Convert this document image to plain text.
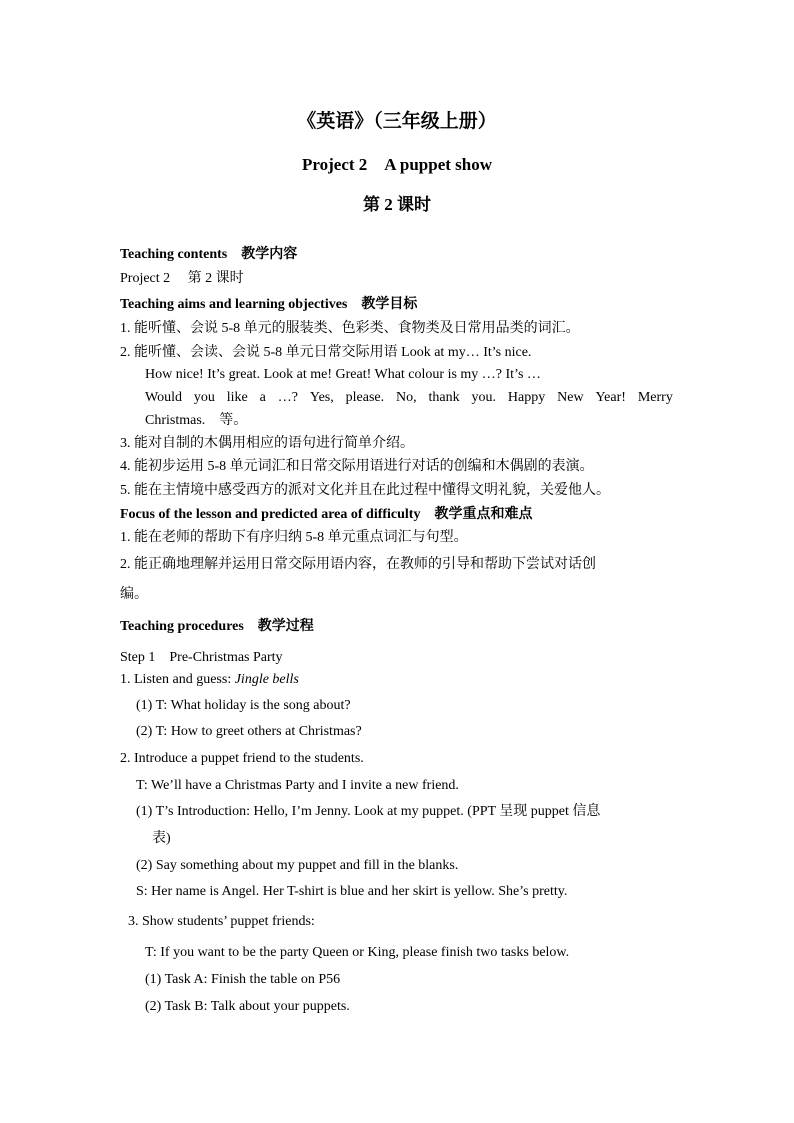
《英语》（三年级上册）
Project 2　A puppet show
第 2 课时
Teaching contents　教学内容
Project 2　 第 2 课时
Teaching aims and learning objectives　教学目标
1. 能听懂、会说 5-8 单元的服装类、色彩类、食物类及日常用品类的词汇。
2. 能听懂、会读、会说 5-8 单元日常交际用语 Look at my… It’s nice.
How nice! It’s great. Look at me! Great! What colour is my …? It’s …
Would you like a …? Yes, please. No, thank you. Happy New Year! Merry
Christmas.　等。
3. 能对自制的木偶用相应的语句进行简单介绍。
4. 能初步运用 5-8 单元词汇和日常交际用语进行对话的创编和木偶剧的表演。
5. 能在主情境中感受西方的派对文化并且在此过程中懂得文明礼貌，关爱他人。
Focus of the lesson and predicted area of difficulty　教学重点和难点
1. 能在老师的帮助下有序归纳 5-8 单元重点词汇与句型。
2. 能正确地理解并运用日常交际用语内容，在教师的引导和帮助下尝试对话创
编。
Teaching procedures　教学过程
Step 1　Pre-Christmas Party
1. Listen and guess: Jingle bells
(1) T: What holiday is the song about?
(2) T: How to greet others at Christmas?
2. Introduce a puppet friend to the students.
T: We’ll have a Christmas Party and I invite a new friend.
(1) T’s Introduction: Hello, I’m Jenny. Look at my puppet. (PPT 呈现 puppet 信息
表)
(2) Say something about my puppet and fill in the blanks.
S: Her name is Angel. Her T-shirt is blue and her skirt is yellow. She’s pretty.
3. Show students’ puppet friends:
T: If you want to be the party Queen or King, please finish two tasks below.
(1) Task A: Finish the table on P56
(2) Task B: Talk about your puppets.
